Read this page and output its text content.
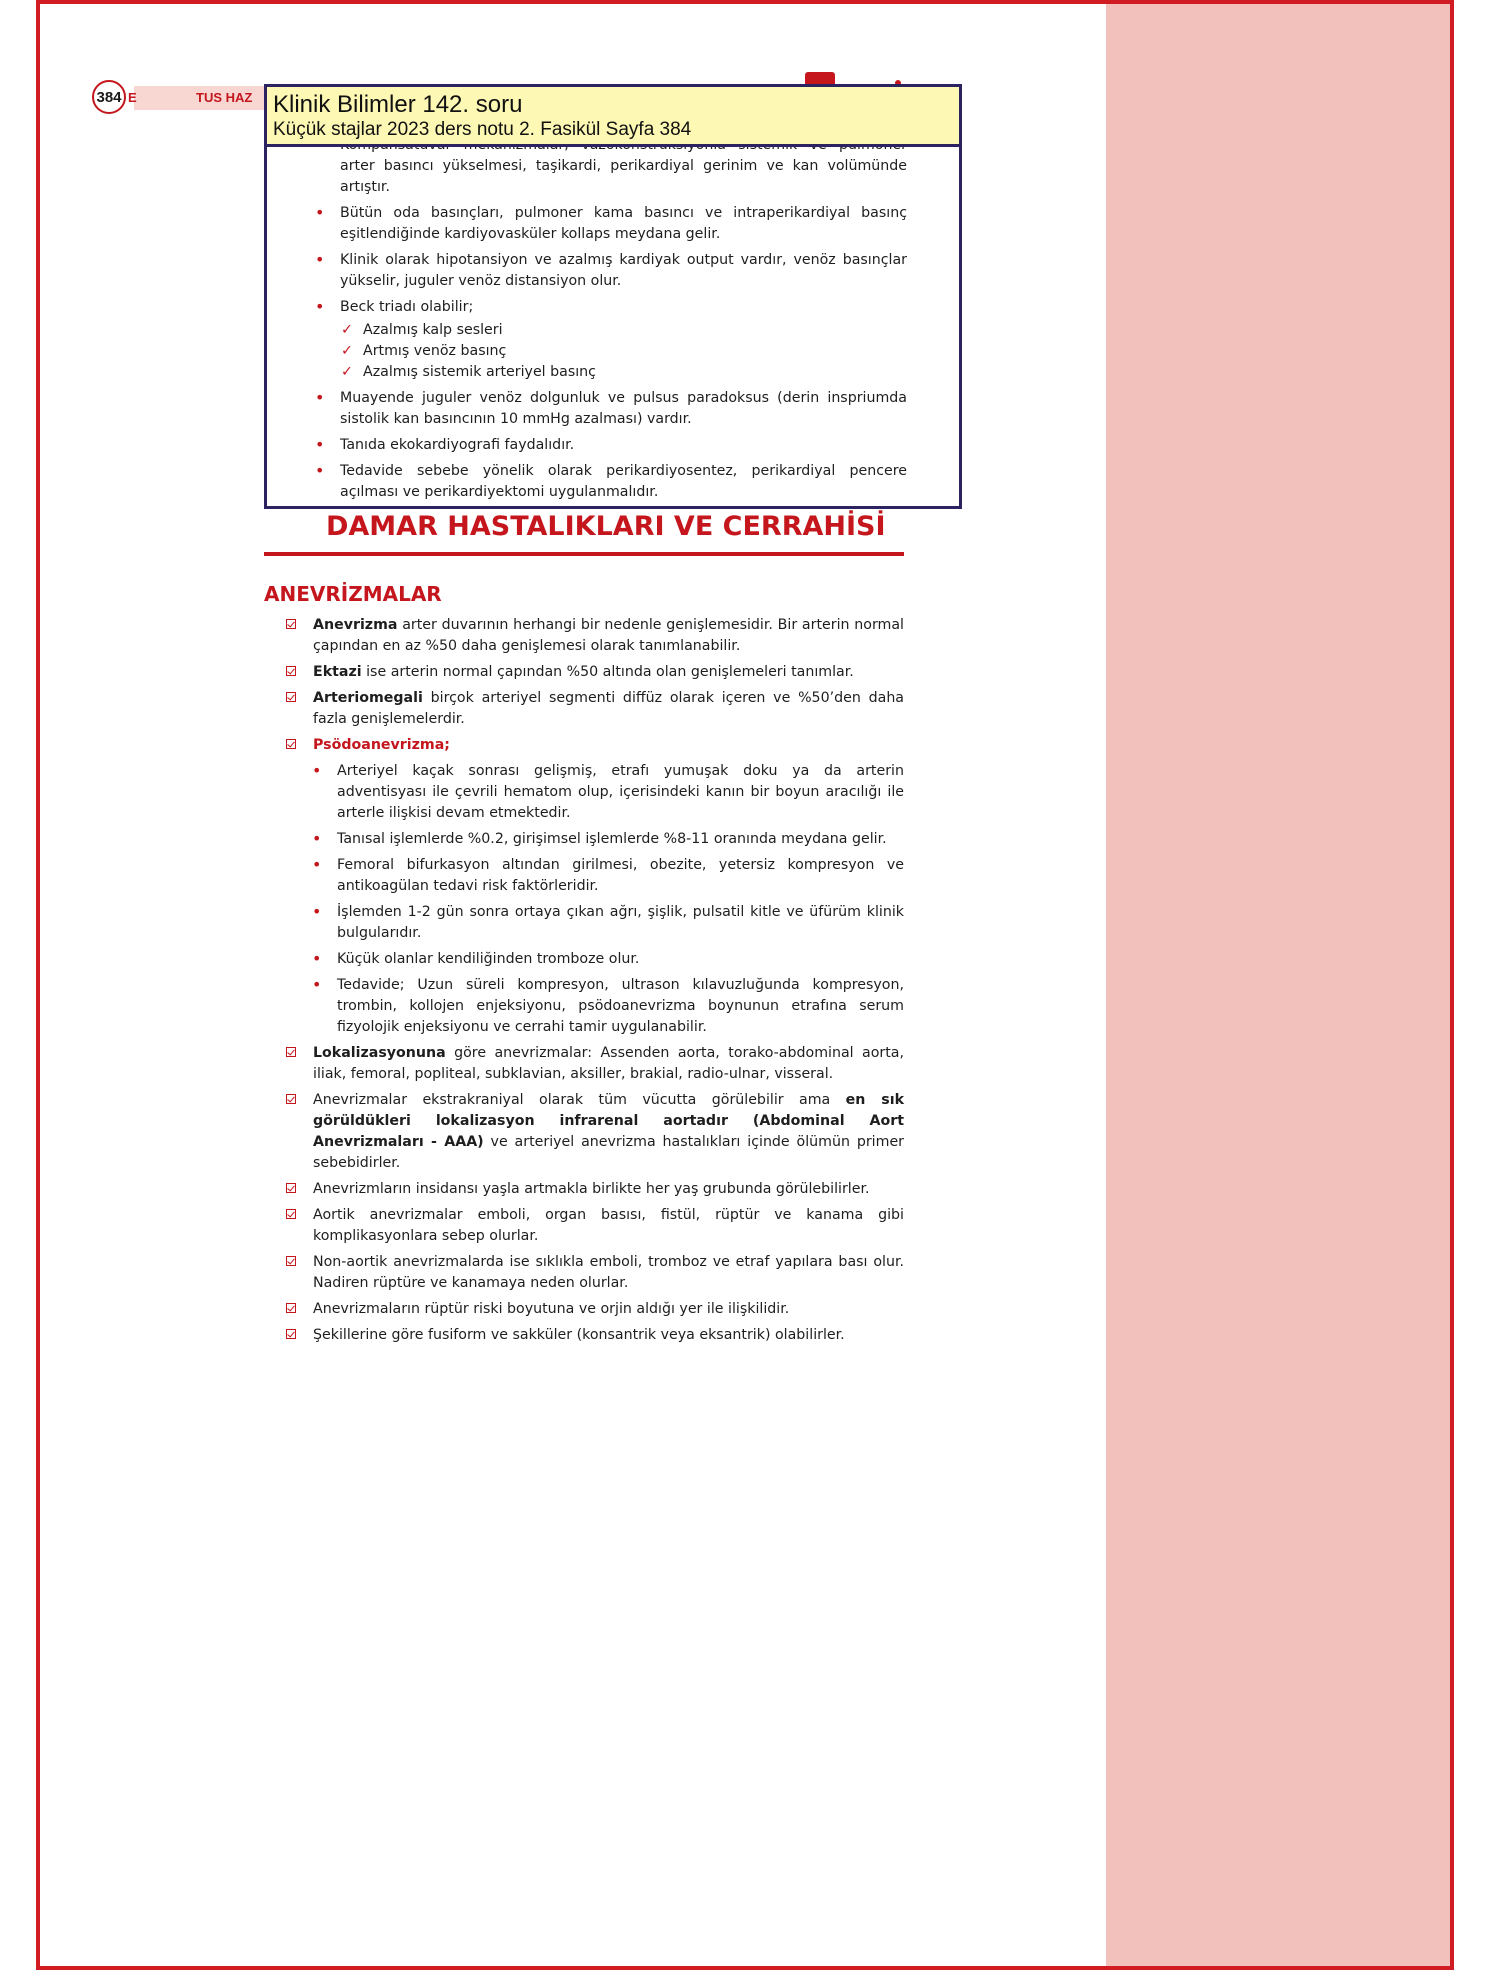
384 E	TUS HAZ
• arter basıncı yükselmesi, taşikardi, perikardiyal gerinim ve kan volümünde artıştır.
• Bütün oda basınçları, pulmoner kama basıncı ve intraperikardiyal basınç eşitlendiğinde kardiyovasküler kollaps meydana gelir.
• Klinik olarak hipotansiyon ve azalmış kardiyak output vardır, venöz basınçlar yükselir, juguler venöz distansiyon olur.
• Beck triadı olabilir;
✓ Azalmış kalp sesleri
✓ Artmış venöz basınç
✓ Azalmış sistemik arteriyel basınç
• Muayende juguler venöz dolgunluk ve pulsus paradoksus (derin inspriumda sistolik kan basıncının 10 mmHg azalması) vardır.
• Tanıda ekokardiyografi faydalıdır.
• Tedavide sebebe yönelik olarak perikardiyosentez, perikardiyal pencere açılması ve perikardiyektomi uygulanmalıdır.
Klinik Bilimler 142. soru
Küçük stajlar 2023 ders notu 2. Fasikül Sayfa 384
DAMAR HASTALIKLARI VE CERRAHİSİ
ANEVRİZMALAR
Anevrizma arter duvarının herhangi bir nedenle genişlemesidir. Bir arterin normal çapından en az %50 daha genişlemesi olarak tanımlanabilir.
Ektazi ise arterin normal çapından %50 altında olan genişlemeleri tanımlar.
Arteriomegali birçok arteriyel segmenti diffüz olarak içeren ve %50’den daha fazla genişlemelerdir.
Psödoanevrizma;
• Arteriyel kaçak sonrası gelişmiş, etrafı yumuşak doku ya da arterin adventisyası ile çevrili hematom olup, içerisindeki kanın bir boyun aracılığı ile arterle ilişkisi devam etmektedir.
• Tanısal işlemlerde %0.2, girişimsel işlemlerde %8-11 oranında meydana gelir.
• Femoral bifurkasyon altından girilmesi, obezite, yetersiz kompresyon ve antikoagülan tedavi risk faktörleridir.
• İşlemden 1-2 gün sonra ortaya çıkan ağrı, şişlik, pulsatil kitle ve üfürüm klinik bulgularıdır.
• Küçük olanlar kendiliğinden tromboze olur.
• Tedavide; Uzun süreli kompresyon, ultrason kılavuzluğunda kompresyon, trombin, kollojen enjeksiyonu, psödoanevrizma boynunun etrafına serum fizyolojik enjeksiyonu ve cerrahi tamir uygulanabilir.
Lokalizasyonuna göre anevrizmalar: Assenden aorta, torako-abdominal aorta, iliak, femoral, popliteal, subklavian, aksiller, brakial, radio-ulnar, visseral.
Anevrizmalar ekstrakraniyal olarak tüm vücutta görülebilir ama en sık görüldükleri lokalizasyon infrarenal aortadır (Abdominal Aort Anevrizmaları - AAA) ve arteriyel anevrizma hastalıkları içinde ölümün primer sebebidirler.
Anevrizmların insidansı yaşla artmakla birlikte her yaş grubunda görülebilirler.
Aortik anevrizmalar emboli, organ basısı, fistül, rüptür ve kanama gibi komplikasyonlara sebep olurlar.
Non-aortik anevrizmalarda ise sıklıkla emboli, tromboz ve etraf yapılara bası olur. Nadiren rüptüre ve kanamaya neden olurlar.
Anevrizmaların rüptür riski boyutuna ve orjin aldığı yer ile ilişkilidir.
Şekillerine göre fusiform ve sakküler (konsantrik veya eksantrik) olabilirler.
